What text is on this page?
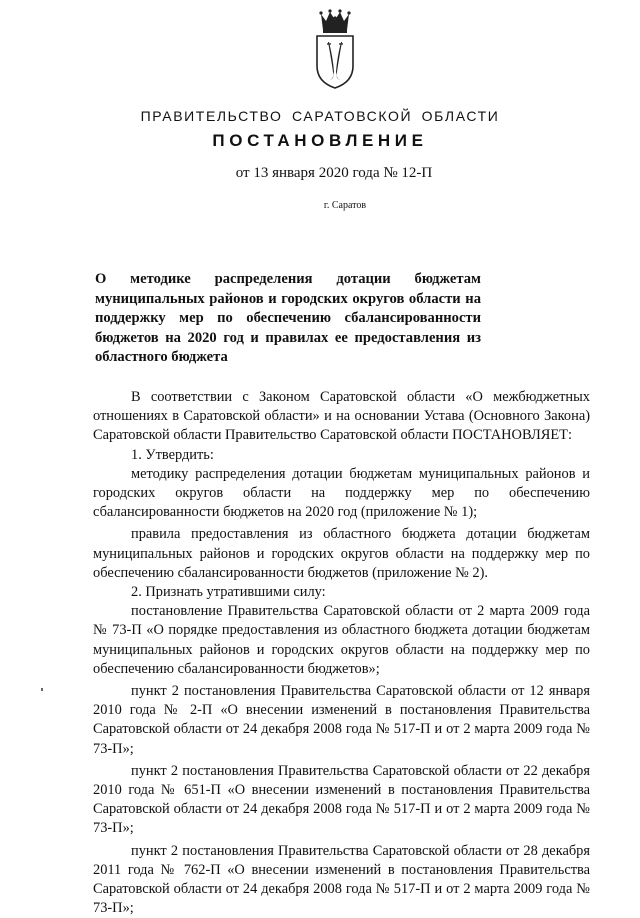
ПРАВИТЕЛЬСТВО САРАТОВСКОЙ ОБЛАСТИ
ПОСТАНОВЛЕНИЕ
от 13 января 2020 года № 12-П
г. Саратов
О методике распределения дотации бюджетам муниципальных районов и городских округов области на поддержку мер по обеспечению сбалансированности бюджетов на 2020 год и правилах ее предоставления из областного бюджета

В соответствии с Законом Саратовской области «О межбюджетных отношениях в Саратовской области» и на основании Устава (Основного Закона) Саратовской области Правительство Саратовской области ПОСТАНОВЛЯЕТ:

1. Утвердить:

методику распределения дотации бюджетам муниципальных районов и городских округов области на поддержку мер по обеспечению сбалансированности бюджетов на 2020 год (приложение № 1);

правила предоставления из областного бюджета дотации бюджетам муниципальных районов и городских округов области на поддержку мер по обеспечению сбалансированности бюджетов (приложение № 2).

2. Признать утратившими силу:

постановление Правительства Саратовской области от 2 марта 2009 года № 73-П «О порядке предоставления из областного бюджета дотации бюджетам муниципальных районов и городских округов области на поддержку мер по обеспечению сбалансированности бюджетов»;

пункт 2 постановления Правительства Саратовской области от 12 января 2010 года № 2-П «О внесении изменений в постановления Правительства Саратовской области от 24 декабря 2008 года № 517-П и от 2 марта 2009 года № 73-П»;

пункт 2 постановления Правительства Саратовской области от 22 декабря 2010 года № 651-П «О внесении изменений в постановления Правительства Саратовской области от 24 декабря 2008 года № 517-П и от 2 марта 2009 года № 73-П»;

пункт 2 постановления Правительства Саратовской области от 28 декабря 2011 года № 762-П «О внесении изменений в постановления Правительства Саратовской области от 24 декабря 2008 года № 517-П и от 2 марта 2009 года № 73-П»;
